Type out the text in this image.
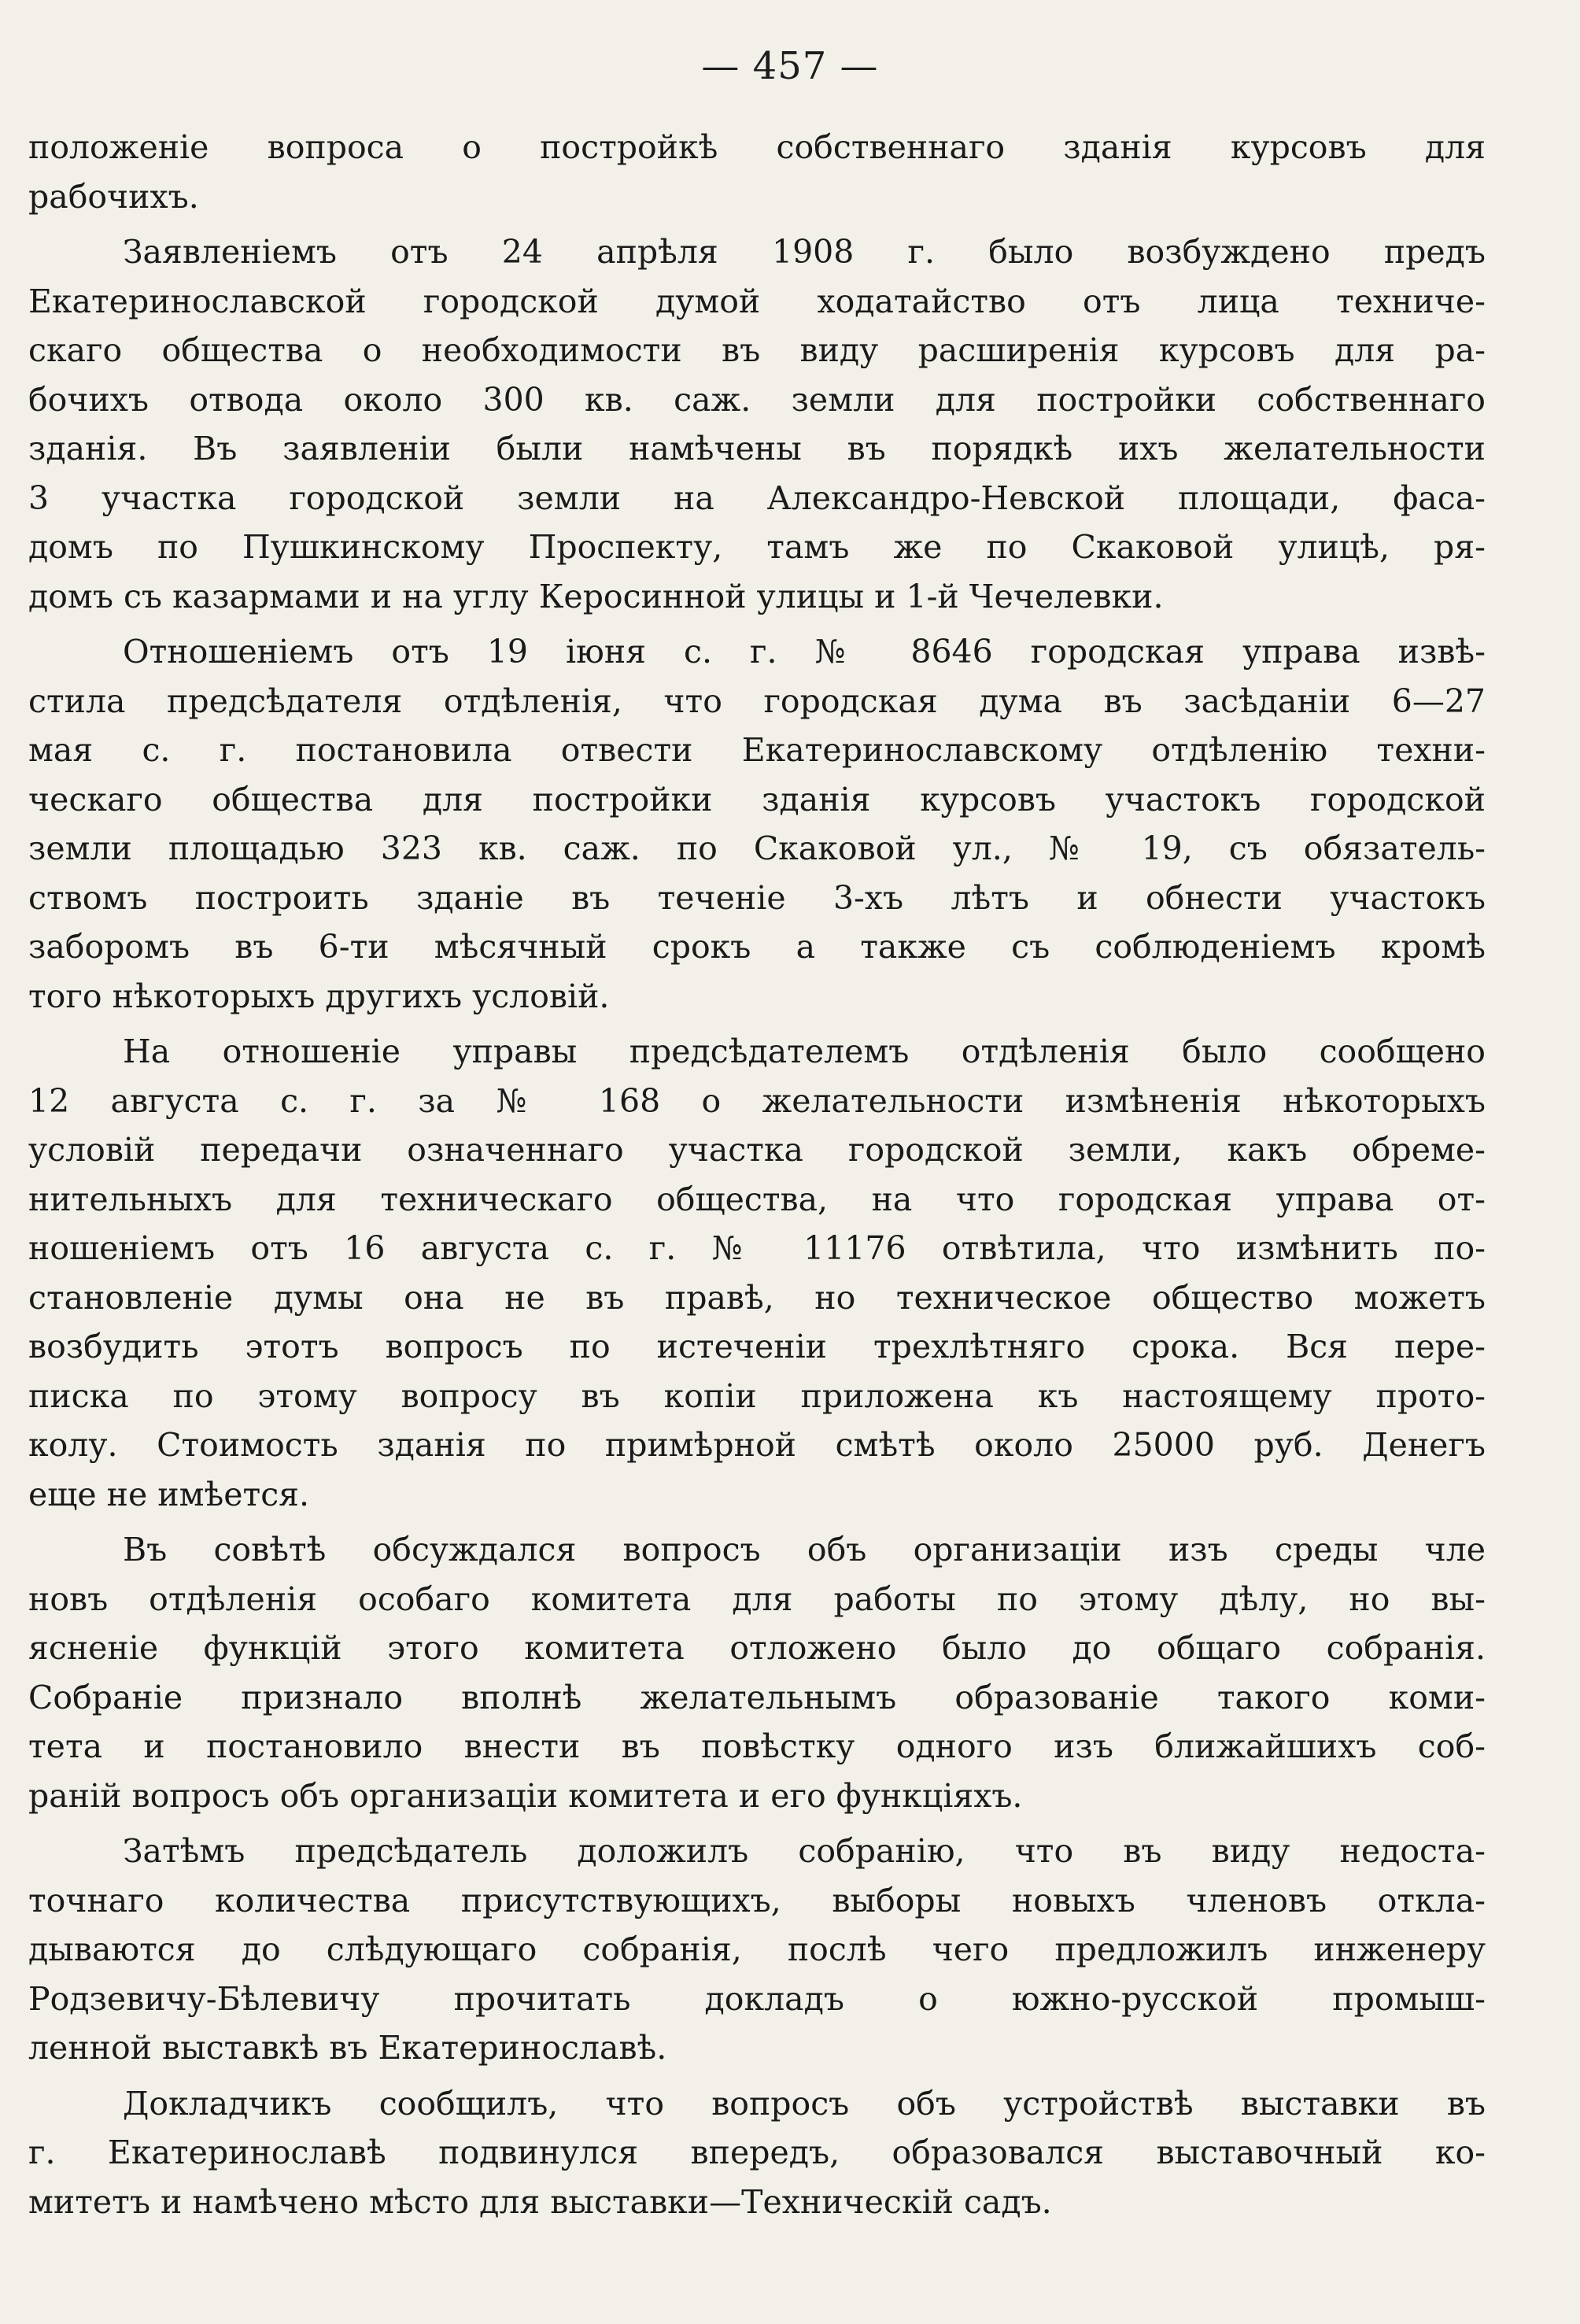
— 457 —
положенiе вопроса о постройкѣ собственнаго зданiя курсовъ для
рабочихъ.
Заявленiемъ отъ 24 апрѣля 1908 г. было возбуждено предъ
Екатеринославской городской думой ходатайство отъ лица техниче-
скаго общества о необходимости въ виду расширенiя курсовъ для ра-
бочихъ отвода около 300 кв. саж. земли для постройки собственнаго
зданiя. Въ заявленiи были намѣчены въ порядкѣ ихъ желательности
3 участка городской земли на Александро-Невской площади, фаса-
домъ по Пушкинскому Проспекту, тамъ же по Скаковой улицѣ, ря-
домъ съ казармами и на углу Керосинной улицы и 1-й Чечелевки.
Отношенiемъ отъ 19 iюня с. г. № 8646 городская управа извѣ-
стила предсѣдателя отдѣленiя, что городская дума въ засѣданiи 6—27
мая с. г. постановила отвести Екатеринославскому отдѣленiю техни-
ческаго общества для постройки зданiя курсовъ участокъ городской
земли площадью 323 кв. саж. по Скаковой ул., № 19, съ обязатель-
ствомъ построить зданiе въ теченiе 3-хъ лѣтъ и обнести участокъ
заборомъ въ 6-ти мѣсячный срокъ а также съ соблюденiемъ кромѣ
того нѣкоторыхъ другихъ условiй.
На отношенiе управы предсѣдателемъ отдѣленiя было сообщено
12 августа с. г. за № 168 о желательности измѣненiя нѣкоторыхъ
условiй передачи означеннаго участка городской земли, какъ обреме-
нительныхъ для техническаго общества, на что городская управа от-
ношенiемъ отъ 16 августа с. г. № 11176 отвѣтила, что измѣнить по-
становленiе думы она не въ правѣ, но техническое общество можетъ
возбудить этотъ вопросъ по истеченiи трехлѣтняго срока. Вся пере-
писка по этому вопросу въ копiи приложена къ настоящему прото-
колу. Стоимость зданiя по примѣрной смѣтѣ около 25000 руб. Денегъ
еще не имѣется.
Въ совѣтѣ обсуждался вопросъ объ организацiи изъ среды чле
новъ отдѣленiя особаго комитета для работы по этому дѣлу, но вы-
ясненiе функцiй этого комитета отложено было до общаго собранiя.
Собранiе признало вполнѣ желательнымъ образованiе такого коми-
тета и постановило внести въ повѣстку одного изъ ближайшихъ соб-
ранiй вопросъ объ организацiи комитета и его функцiяхъ.
Затѣмъ предсѣдатель доложилъ собранiю, что въ виду недоста-
точнаго количества присутствующихъ, выборы новыхъ членовъ откла-
дываются до слѣдующаго собранiя, послѣ чего предложилъ инженеру
Родзевичу-Бѣлевичу прочитать докладъ о южно-русской промыш-
ленной выставкѣ въ Екатеринославѣ.
Докладчикъ сообщилъ, что вопросъ объ устройствѣ выставки въ
г. Екатеринославѣ подвинулся впередъ, образовался выставочный ко-
митетъ и намѣчено мѣсто для выставки—Техническiй садъ.
